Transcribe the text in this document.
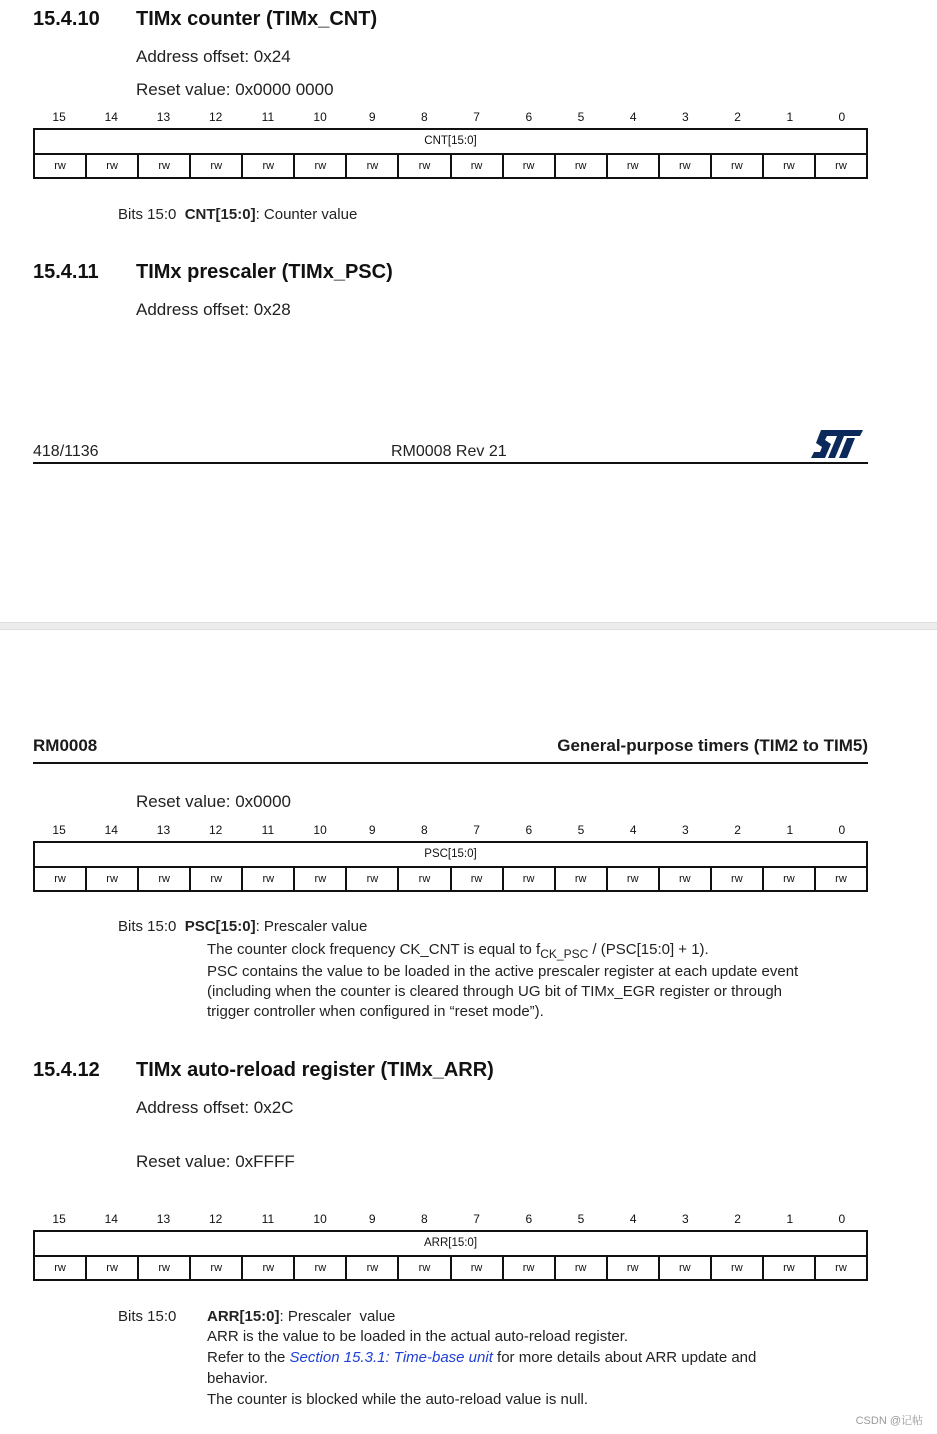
15.4.10 TIMx counter (TIMx_CNT)
Address offset: 0x24
Reset value: 0x0000 0000
15	14	13	12	11	10	9	8	7	6	5	4	3	2	1	0
CNT[15:0]
rw	rw	rw	rw	rw	rw	rw	rw	rw	rw	rw	rw	rw	rw	rw	rw
Bits 15:0 CNT[15:0]: Counter value
15.4.11 TIMx prescaler (TIMx_PSC)
Address offset: 0x28
418/1136	RM0008 Rev 21
RM0008	General-purpose timers (TIM2 to TIM5)
Reset value: 0x0000
15	14	13	12	11	10	9	8	7	6	5	4	3	2	1	0
PSC[15:0]
rw	rw	rw	rw	rw	rw	rw	rw	rw	rw	rw	rw	rw	rw	rw	rw
Bits 15:0 PSC[15:0]: Prescaler value
The counter clock frequency CK_CNT is equal to $f_{CK\_PSC}$ / (PSC[15:0] + 1).
PSC contains the value to be loaded in the active prescaler register at each update event
(including when the counter is cleared through UG bit of TIMx_EGR register or through
trigger controller when configured in “reset mode”).
15.4.12 TIMx auto-reload register (TIMx_ARR)
Address offset: 0x2C
Reset value: 0xFFFF
15	14	13	12	11	10	9	8	7	6	5	4	3	2	1	0
ARR[15:0]
rw	rw	rw	rw	rw	rw	rw	rw	rw	rw	rw	rw	rw	rw	rw	rw
Bits 15:0 ARR[15:0]: Prescaler  value
ARR is the value to be loaded in the actual auto-reload register.
Refer to the Section 15.3.1: Time-base unit for more details about ARR update and
behavior.
The counter is blocked while the auto-reload value is null.
CSDN @记帖
